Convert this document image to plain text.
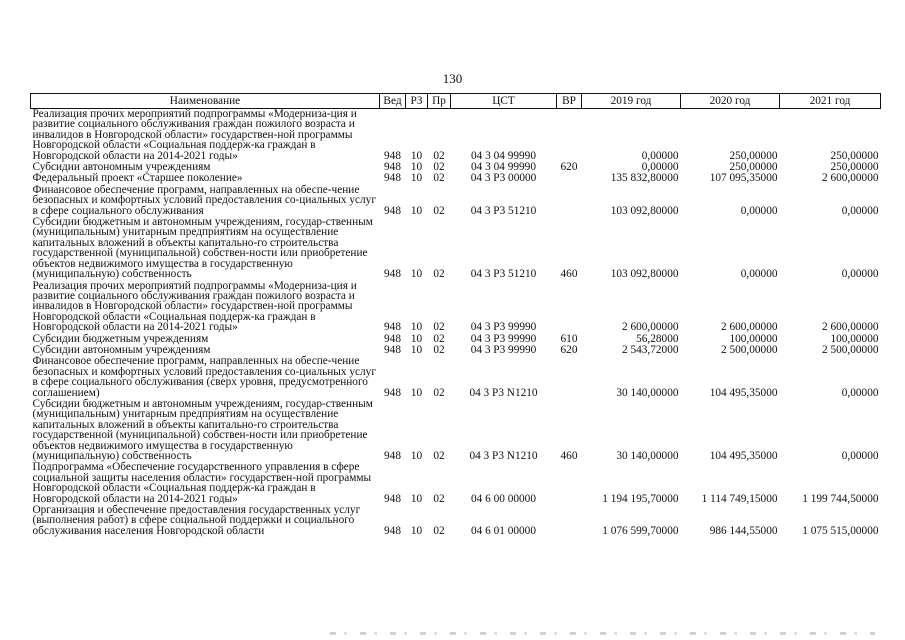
130
Наименование	Вед	РЗ	Пр	ЦСТ	ВР	2019 год	2020 год	2021 год
Реализация прочих мероприятий подпрограммы «Модерниза-ция и развитие социального обслуживания граждан пожилого возраста и инвалидов в Новгородской области» государствен-ной программы Новгородской области «Социальная поддерж-ка граждан в Новгородской области на 2014-2021 годы»	948	10	02	04 3 04 99990		0,00000	250,00000	250,00000
Субсидии автономным учреждениям	948	10	02	04 3 04 99990	620	0,00000	250,00000	250,00000
Федеральный проект «Старшее поколение»	948	10	02	04 3 P3 00000		135 832,80000	107 095,35000	2 600,00000
Финансовое обеспечение программ, направленных на обеспе-чение безопасных и комфортных условий предоставления со-циальных услуг в сфере социального обслуживания	948	10	02	04 3 P3 51210		103 092,80000	0,00000	0,00000
Субсидии бюджетным и автономным учреждениям, государ-ственным (муниципальным) унитарным предприятиям на осуществление капитальных вложений в объекты капитально-го строительства государственной (муниципальной) собствен-ности или приобретение объектов недвижимого имущества в государственную (муниципальную) собственность	948	10	02	04 3 P3 51210	460	103 092,80000	0,00000	0,00000
Реализация прочих мероприятий подпрограммы «Модерниза-ция и развитие социального обслуживания граждан пожилого возраста и инвалидов в Новгородской области» государствен-ной программы Новгородской области «Социальная поддерж-ка граждан в Новгородской области на 2014-2021 годы»	948	10	02	04 3 P3 99990		2 600,00000	2 600,00000	2 600,00000
Субсидии бюджетным учреждениям	948	10	02	04 3 P3 99990	610	56,28000	100,00000	100,00000
Субсидии автономным учреждениям	948	10	02	04 3 P3 99990	620	2 543,72000	2 500,00000	2 500,00000
Финансовое обеспечение программ, направленных на обеспе-чение безопасных и комфортных условий предоставления со-циальных услуг в сфере социального обслуживания (сверх уровня, предусмотренного соглашением)	948	10	02	04 3 P3 N1210		30 140,00000	104 495,35000	0,00000
Субсидии бюджетным и автономным учреждениям, государ-ственным (муниципальным) унитарным предприятиям на осуществление капитальных вложений в объекты капитально-го строительства государственной (муниципальной) собствен-ности или приобретение объектов недвижимого имущества в государственную (муниципальную) собственность	948	10	02	04 3 P3 N1210	460	30 140,00000	104 495,35000	0,00000
Подпрограмма «Обеспечение государственного управления в сфере социальной защиты населения области» государствен-ной программы Новгородской области «Социальная поддерж-ка граждан в Новгородской области на 2014-2021 годы»	948	10	02	04 6 00 00000		1 194 195,70000	1 114 749,15000	1 199 744,50000
Организация и обеспечение предоставления государственных услуг (выполнения работ) в сфере социальной поддержки и социального обслуживания населения Новгородской области	948	10	02	04 6 01 00000		1 076 599,70000	986 144,55000	1 075 515,00000
